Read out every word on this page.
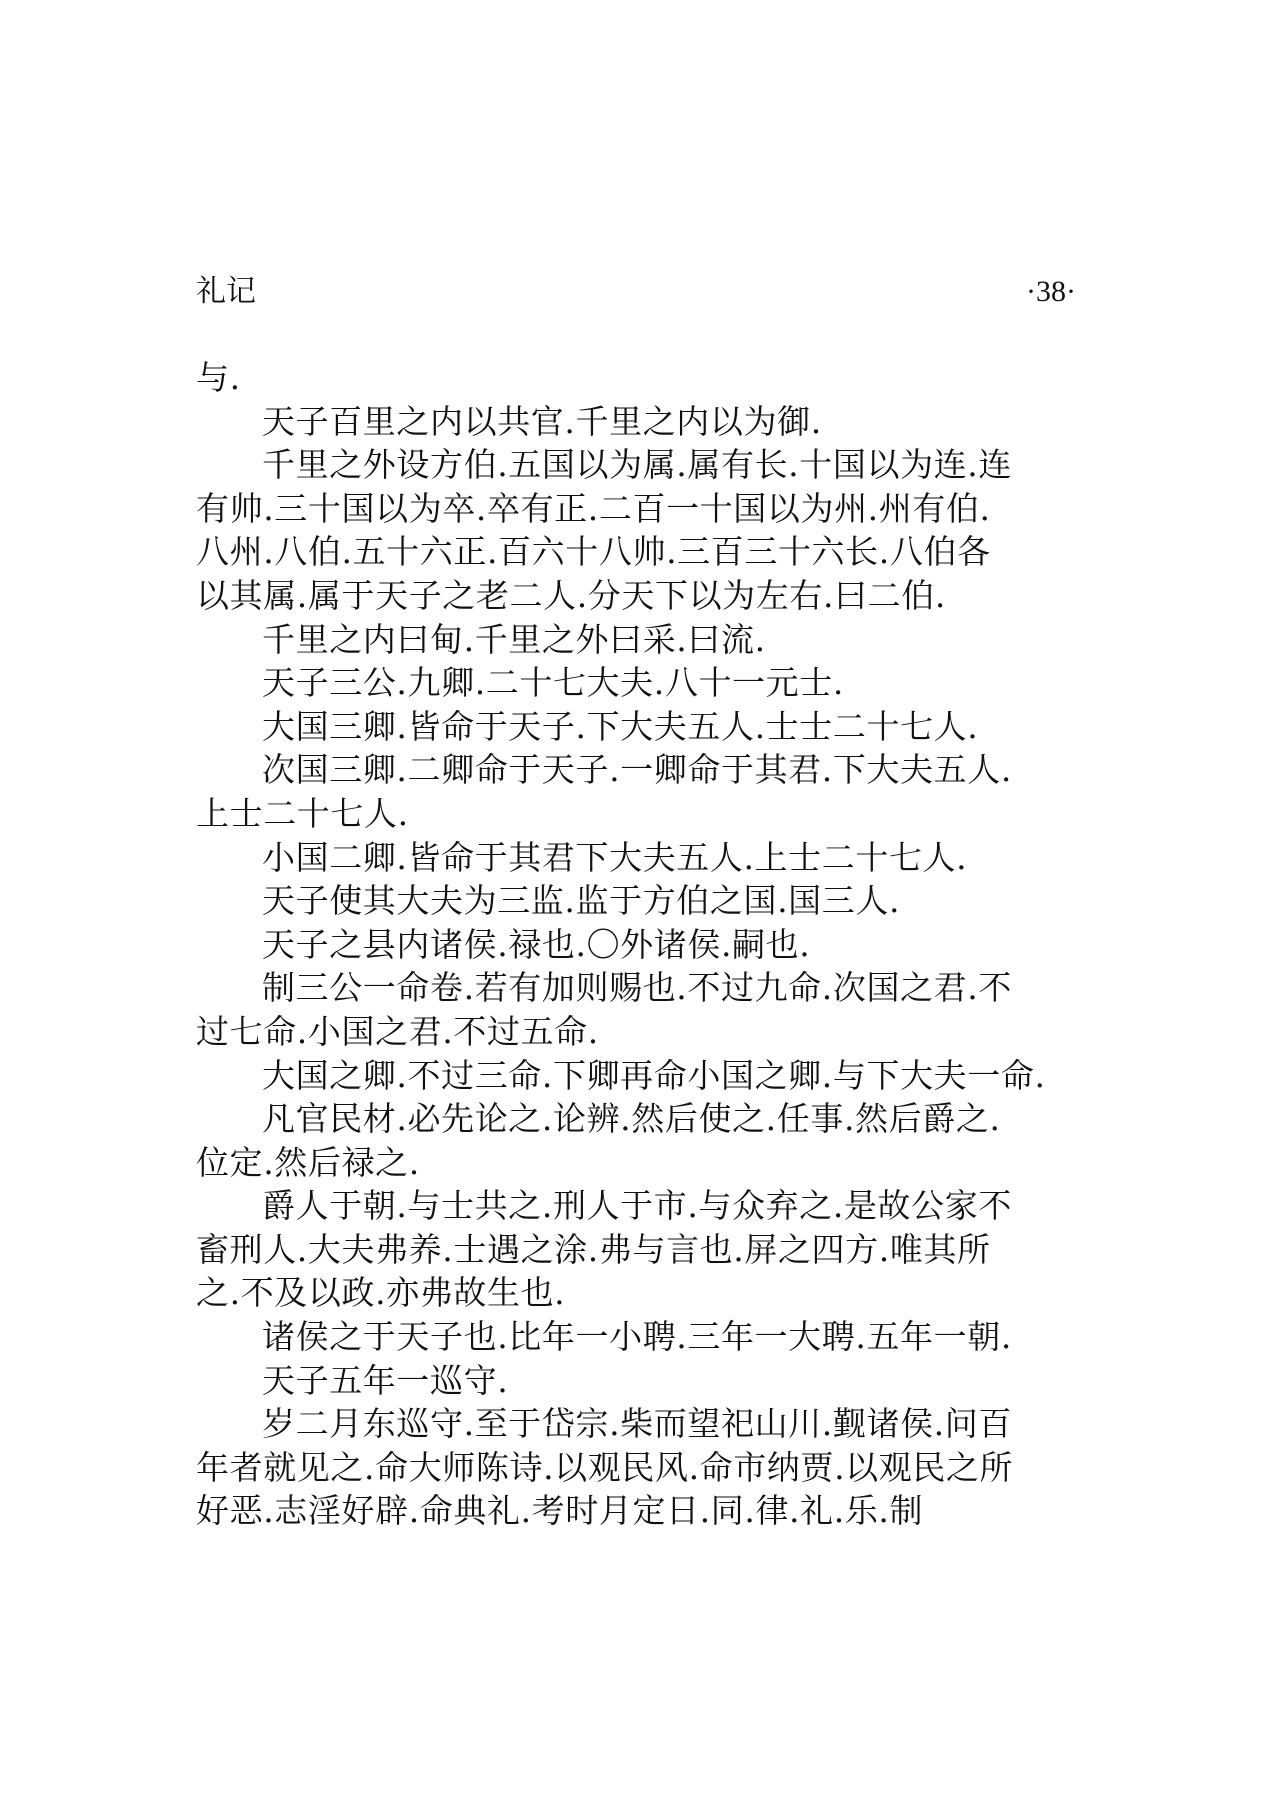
礼记	·38·
与.
天子百里之内以共官.千里之内以为御.
千里之外设方伯.五国以为属.属有长.十国以为连.连
有帅.三十国以为卒.卒有正.二百一十国以为州.州有伯.
八州.八伯.五十六正.百六十八帅.三百三十六长.八伯各
以其属.属于天子之老二人.分天下以为左右.曰二伯.
千里之内曰甸.千里之外曰采.曰流.
天子三公.九卿.二十七大夫.八十一元士.
大国三卿.皆命于天子.下大夫五人.士士二十七人.
次国三卿.二卿命于天子.一卿命于其君.下大夫五人.
上士二十七人.
小国二卿.皆命于其君下大夫五人.上士二十七人.
天子使其大夫为三监.监于方伯之国.国三人.
天子之县内诸侯.禄也.〇外诸侯.嗣也.
制三公一命卷.若有加则赐也.不过九命.次国之君.不
过七命.小国之君.不过五命.
大国之卿.不过三命.下卿再命小国之卿.与下大夫一命.
凡官民材.必先论之.论辨.然后使之.任事.然后爵之.
位定.然后禄之.
爵人于朝.与士共之.刑人于市.与众弃之.是故公家不
畜刑人.大夫弗养.士遇之涂.弗与言也.屏之四方.唯其所
之.不及以政.亦弗故生也.
诸侯之于天子也.比年一小聘.三年一大聘.五年一朝.
天子五年一巡守.
岁二月东巡守.至于岱宗.柴而望祀山川.觐诸侯.问百
年者就见之.命大师陈诗.以观民风.命市纳贾.以观民之所
好恶.志淫好辟.命典礼.考时月定日.同.律.礼.乐.制
